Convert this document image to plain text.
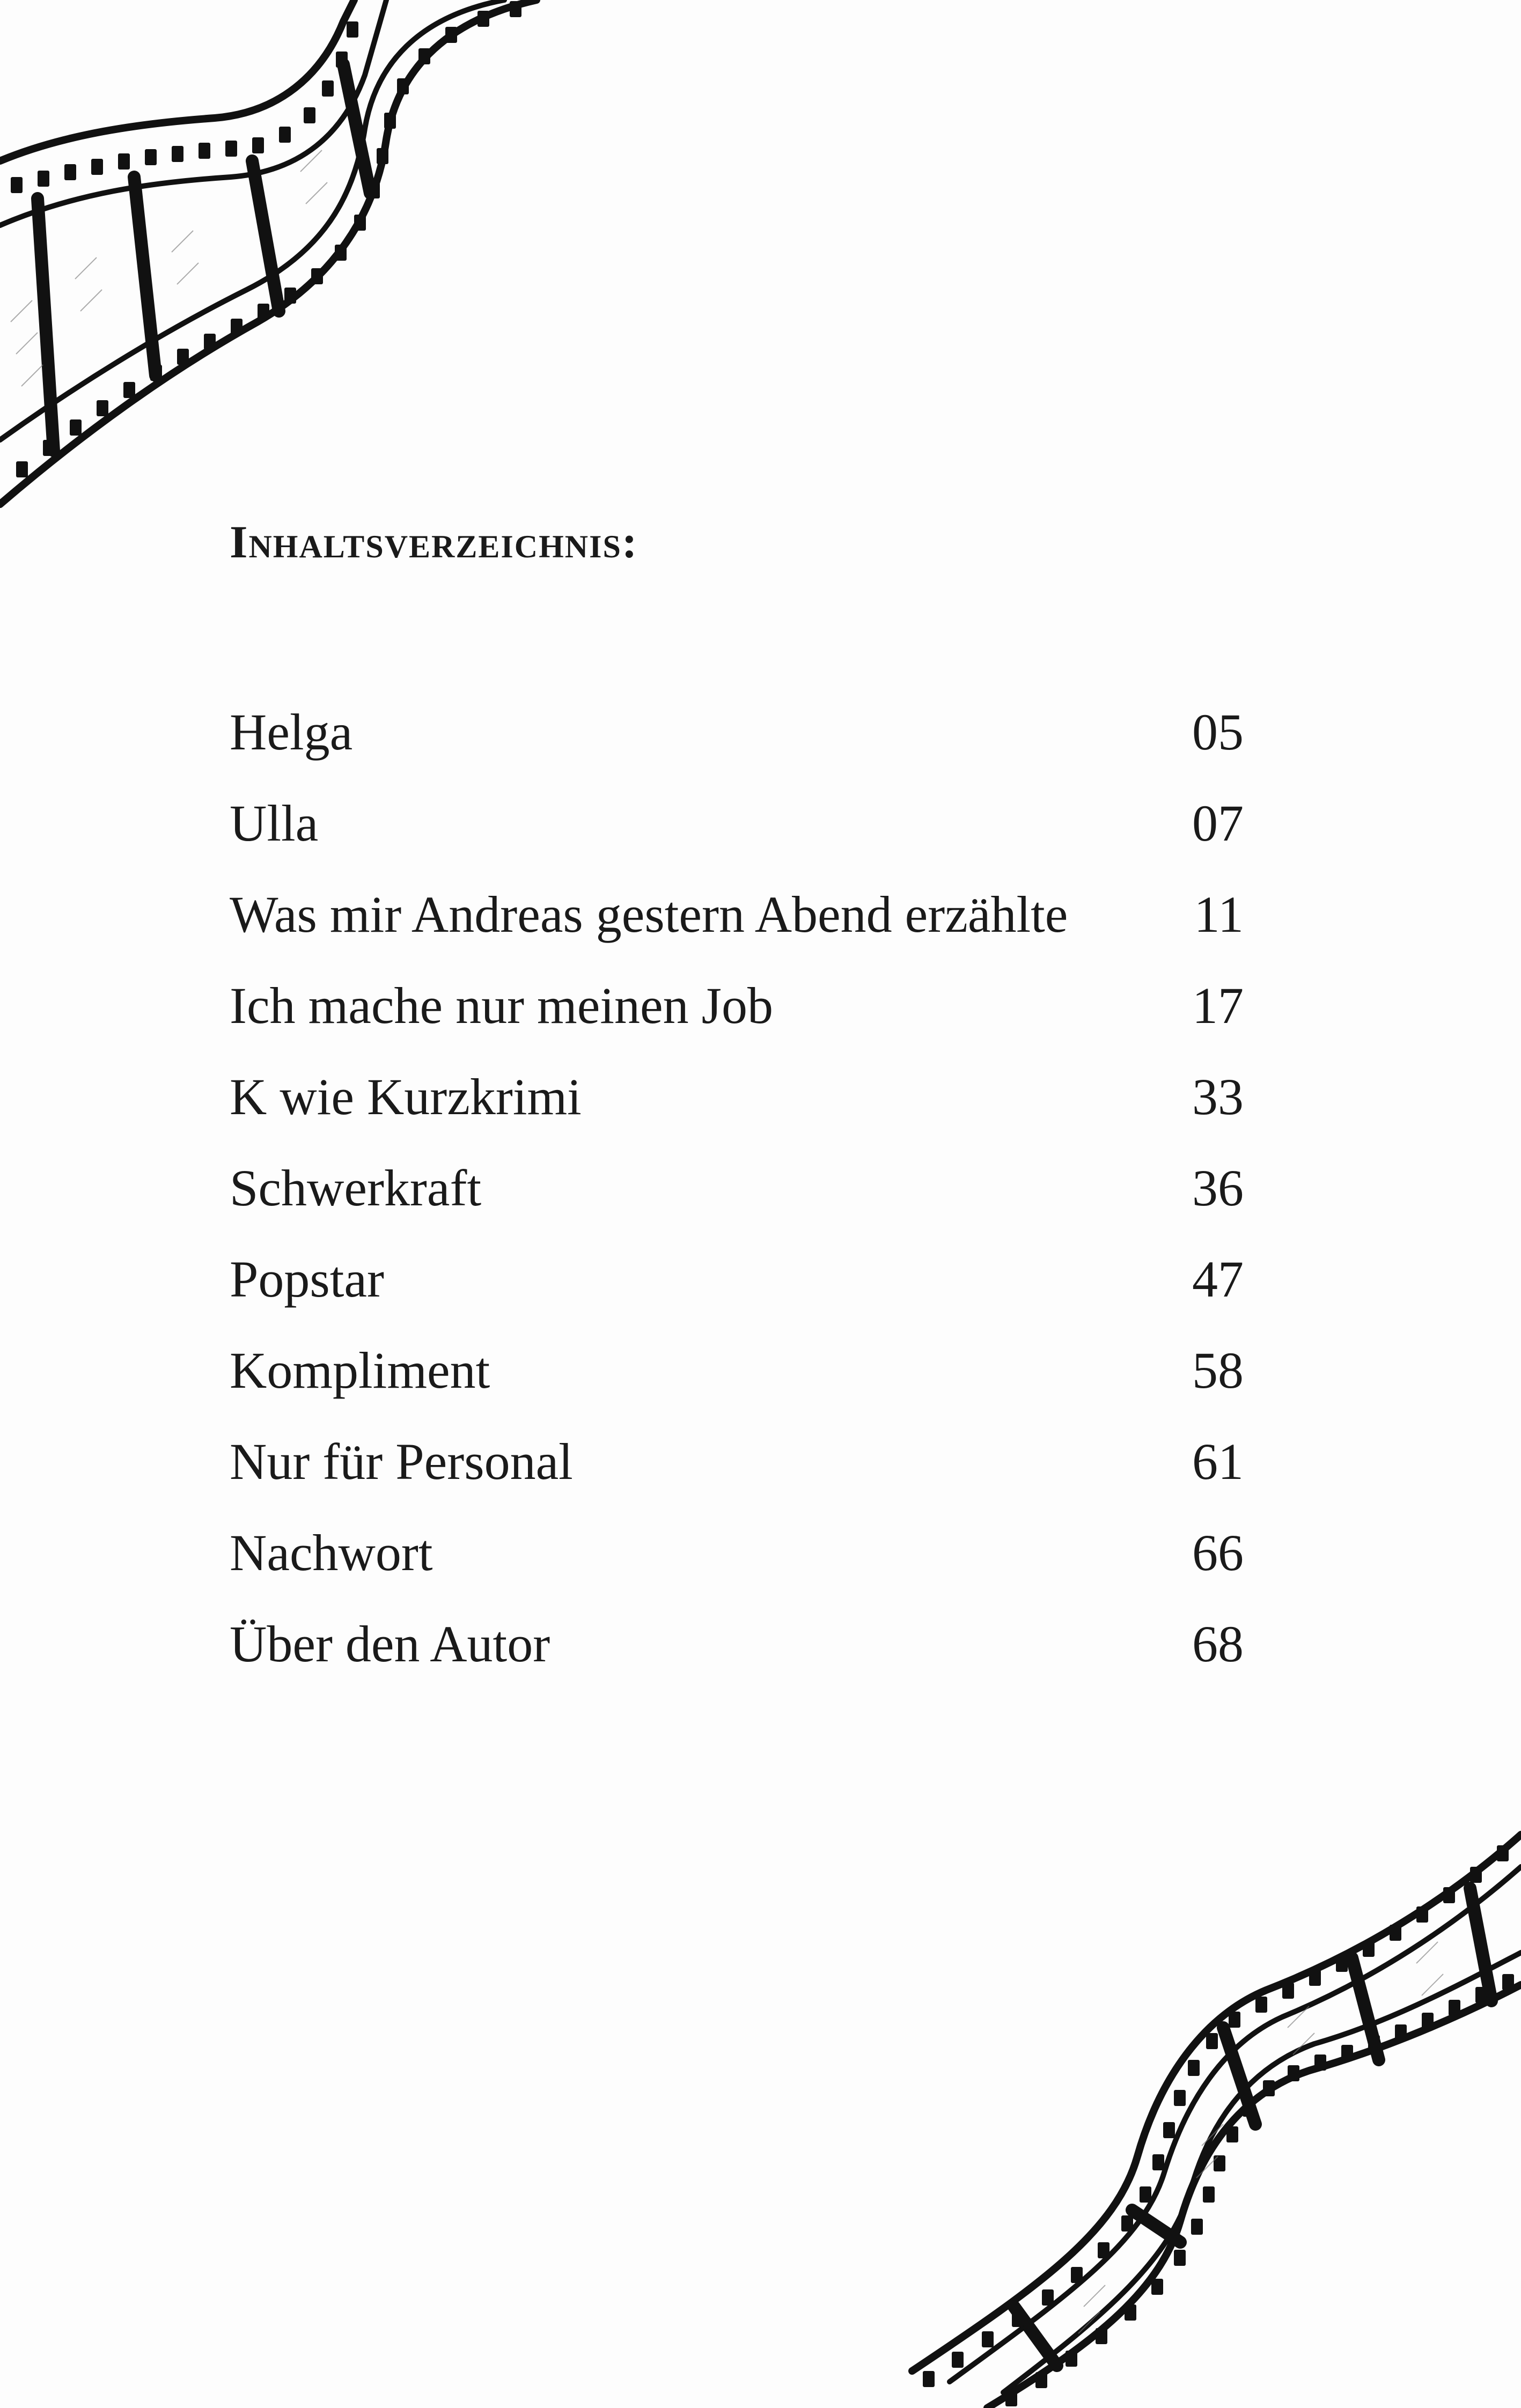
Inhaltsverzeichnis:
Helga	05
Ulla	07
Was mir Andreas gestern Abend erzählte 11
Ich mache nur meinen Job	17
K wie Kurzkrimi	33
Schwerkraft	36
Popstar	47
Kompliment	58
Nur für Personal	61
Nachwort	66
Über den Autor	68
